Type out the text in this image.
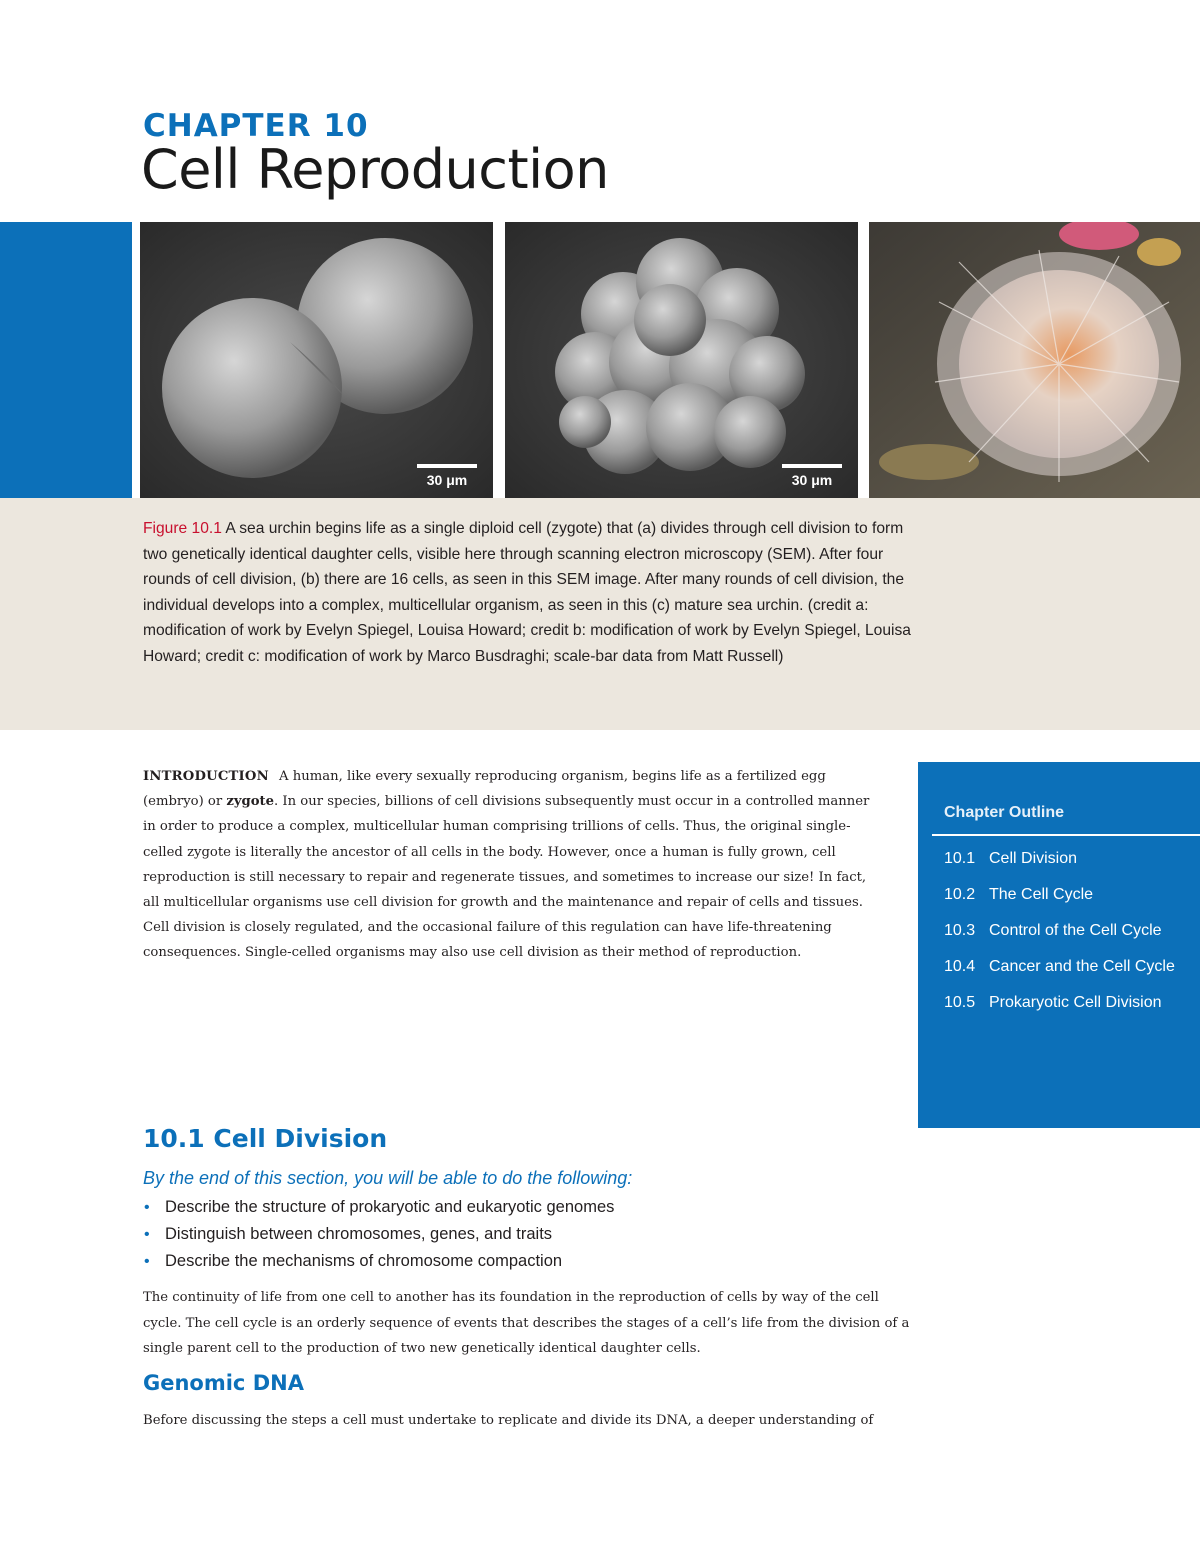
CHAPTER 10
Cell Reproduction
30 μm	30 μm

Figure 10.1 A sea urchin begins life as a single diploid cell (zygote) that (a) divides through cell division to form two genetically identical daughter cells, visible here through scanning electron microscopy (SEM). After four rounds of cell division, (b) there are 16 cells, as seen in this SEM image. After many rounds of cell division, the individual develops into a complex, multicellular organism, as seen in this (c) mature sea urchin. (credit a: modification of work by Evelyn Spiegel, Louisa Howard; credit b: modification of work by Evelyn Spiegel, Louisa Howard; credit c: modification of work by Marco Busdraghi; scale-bar data from Matt Russell)

INTRODUCTION A human, like every sexually reproducing organism, begins life as a fertilized egg (embryo) or zygote. In our species, billions of cell divisions subsequently must occur in a controlled manner in order to produce a complex, multicellular human comprising trillions of cells. Thus, the original single-celled zygote is literally the ancestor of all cells in the body. However, once a human is fully grown, cell reproduction is still necessary to repair and regenerate tissues, and sometimes to increase our size! In fact, all multicellular organisms use cell division for growth and the maintenance and repair of cells and tissues. Cell division is closely regulated, and the occasional failure of this regulation can have life-threatening consequences. Single-celled organisms may also use cell division as their method of reproduction.

Chapter Outline
10.1 Cell Division
10.2 The Cell Cycle
10.3 Control of the Cell Cycle
10.4 Cancer and the Cell Cycle
10.5 Prokaryotic Cell Division
10.1 Cell Division

By the end of this section, you will be able to do the following:

• Describe the structure of prokaryotic and eukaryotic genomes
• Distinguish between chromosomes, genes, and traits
• Describe the mechanisms of chromosome compaction

The continuity of life from one cell to another has its foundation in the reproduction of cells by way of the cell cycle. The cell cycle is an orderly sequence of events that describes the stages of a cell’s life from the division of a single parent cell to the production of two new genetically identical daughter cells.

Genomic DNA

Before discussing the steps a cell must undertake to replicate and divide its DNA, a deeper understanding of
